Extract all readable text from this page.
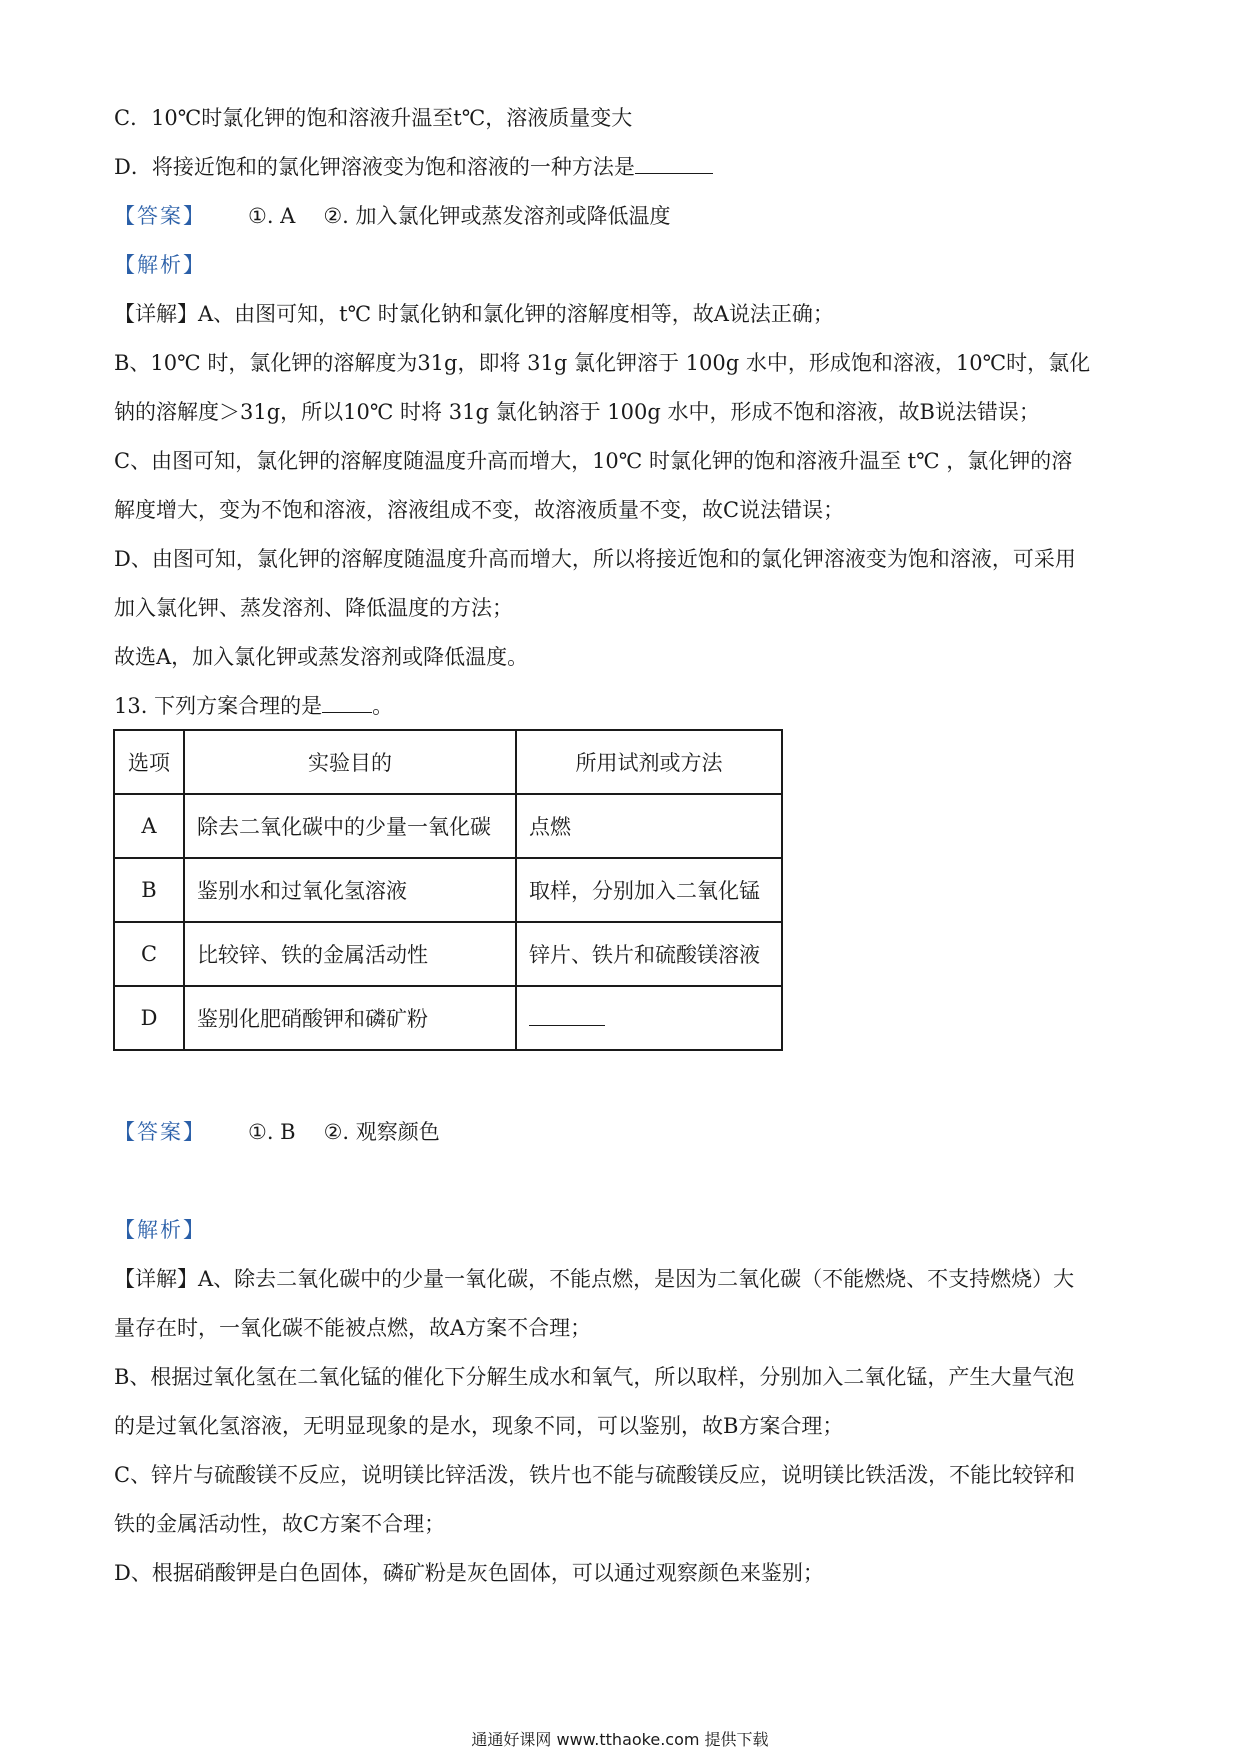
C．10℃时氯化钾的饱和溶液升温至t℃，溶液质量变大
D．将接近饱和的氯化钾溶液变为饱和溶液的一种方法是
【答案】 ①. A ②. 加入氯化钾或蒸发溶剂或降低温度
【解析】
【详解】A、由图可知，t℃ 时氯化钠和氯化钾的溶解度相等，故A说法正确；
B、10℃ 时，氯化钾的溶解度为31g，即将 31g 氯化钾溶于 100g 水中，形成饱和溶液，10℃时，氯化
钠的溶解度＞31g，所以10℃ 时将 31g 氯化钠溶于 100g 水中，形成不饱和溶液，故B说法错误；
C、由图可知，氯化钾的溶解度随温度升高而增大，10℃ 时氯化钾的饱和溶液升温至 t℃ ，氯化钾的溶
解度增大，变为不饱和溶液，溶液组成不变，故溶液质量不变，故C说法错误；
D、由图可知，氯化钾的溶解度随温度升高而增大，所以将接近饱和的氯化钾溶液变为饱和溶液，可采用
加入氯化钾、蒸发溶剂、降低温度的方法；
故选A，加入氯化钾或蒸发溶剂或降低温度。
13. 下列方案合理的是 。
选项	实验目的	所用试剂或方法
A	除去二氧化碳中的少量一氧化碳	点燃
B	鉴别水和过氧化氢溶液	取样，分别加入二氧化锰
C	比较锌、铁的金属活动性	锌片、铁片和硫酸镁溶液
D	鉴别化肥硝酸钾和磷矿粉	
【答案】 ①. B ②. 观察颜色
【解析】
【详解】A、除去二氧化碳中的少量一氧化碳，不能点燃，是因为二氧化碳（不能燃烧、不支持燃烧）大
量存在时，一氧化碳不能被点燃，故A方案不合理；
B、根据过氧化氢在二氧化锰的催化下分解生成水和氧气，所以取样，分别加入二氧化锰，产生大量气泡
的是过氧化氢溶液，无明显现象的是水，现象不同，可以鉴别，故B方案合理；
C、锌片与硫酸镁不反应，说明镁比锌活泼，铁片也不能与硫酸镁反应，说明镁比铁活泼，不能比较锌和
铁的金属活动性，故C方案不合理；
D、根据硝酸钾是白色固体，磷矿粉是灰色固体，可以通过观察颜色来鉴别；
通通好课网 www.tthaoke.com 提供下载
